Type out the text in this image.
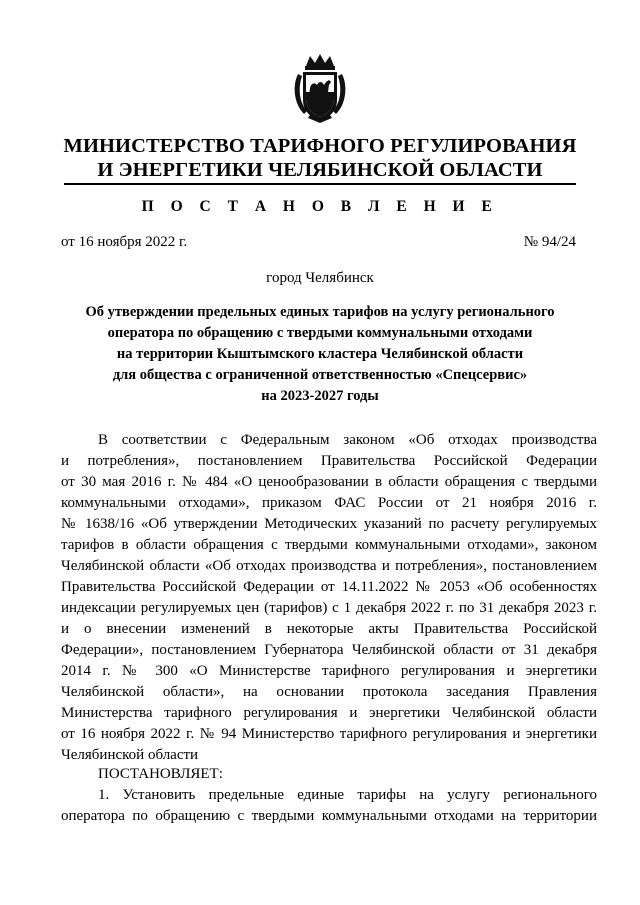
МИНИСТЕРСТВО ТАРИФНОГО РЕГУЛИРОВАНИЯ
И ЭНЕРГЕТИКИ ЧЕЛЯБИНСКОЙ ОБЛАСТИ
П О С Т А Н О В Л Е Н И Е
от 16 ноября 2022 г.	№ 94/24
город Челябинск
Об утверждении предельных единых тарифов на услугу регионального
оператора по обращению с твердыми коммунальными отходами
на территории Кыштымского кластера Челябинской области
для общества с ограниченной ответственностью «Спецсервис»
на 2023-2027 годы
В соответствии с Федеральным законом «Об отходах производства
и потребления», постановлением Правительства Российской Федерации
от 30 мая 2016 г. № 484 «О ценообразовании в области обращения с твердыми
коммунальными отходами», приказом ФАС России от 21 ноября 2016 г.
№ 1638/16 «Об утверждении Методических указаний по расчету регулируемых
тарифов в области обращения с твердыми коммунальными отходами», законом
Челябинской области «Об отходах производства и потребления», постановлением
Правительства Российской Федерации от 14.11.2022 № 2053 «Об особенностях
индексации регулируемых цен (тарифов) с 1 декабря 2022 г. по 31 декабря 2023 г.
и о внесении изменений в некоторые акты Правительства Российской
Федерации», постановлением Губернатора Челябинской области от 31 декабря
2014 г. № 300 «О Министерстве тарифного регулирования и энергетики
Челябинской области», на основании протокола заседания Правления
Министерства тарифного регулирования и энергетики Челябинской области
от 16 ноября 2022 г. № 94 Министерство тарифного регулирования и энергетики
Челябинской области
ПОСТАНОВЛЯЕТ:
1. Установить предельные единые тарифы на услугу регионального
оператора по обращению с твердыми коммунальными отходами на территории
